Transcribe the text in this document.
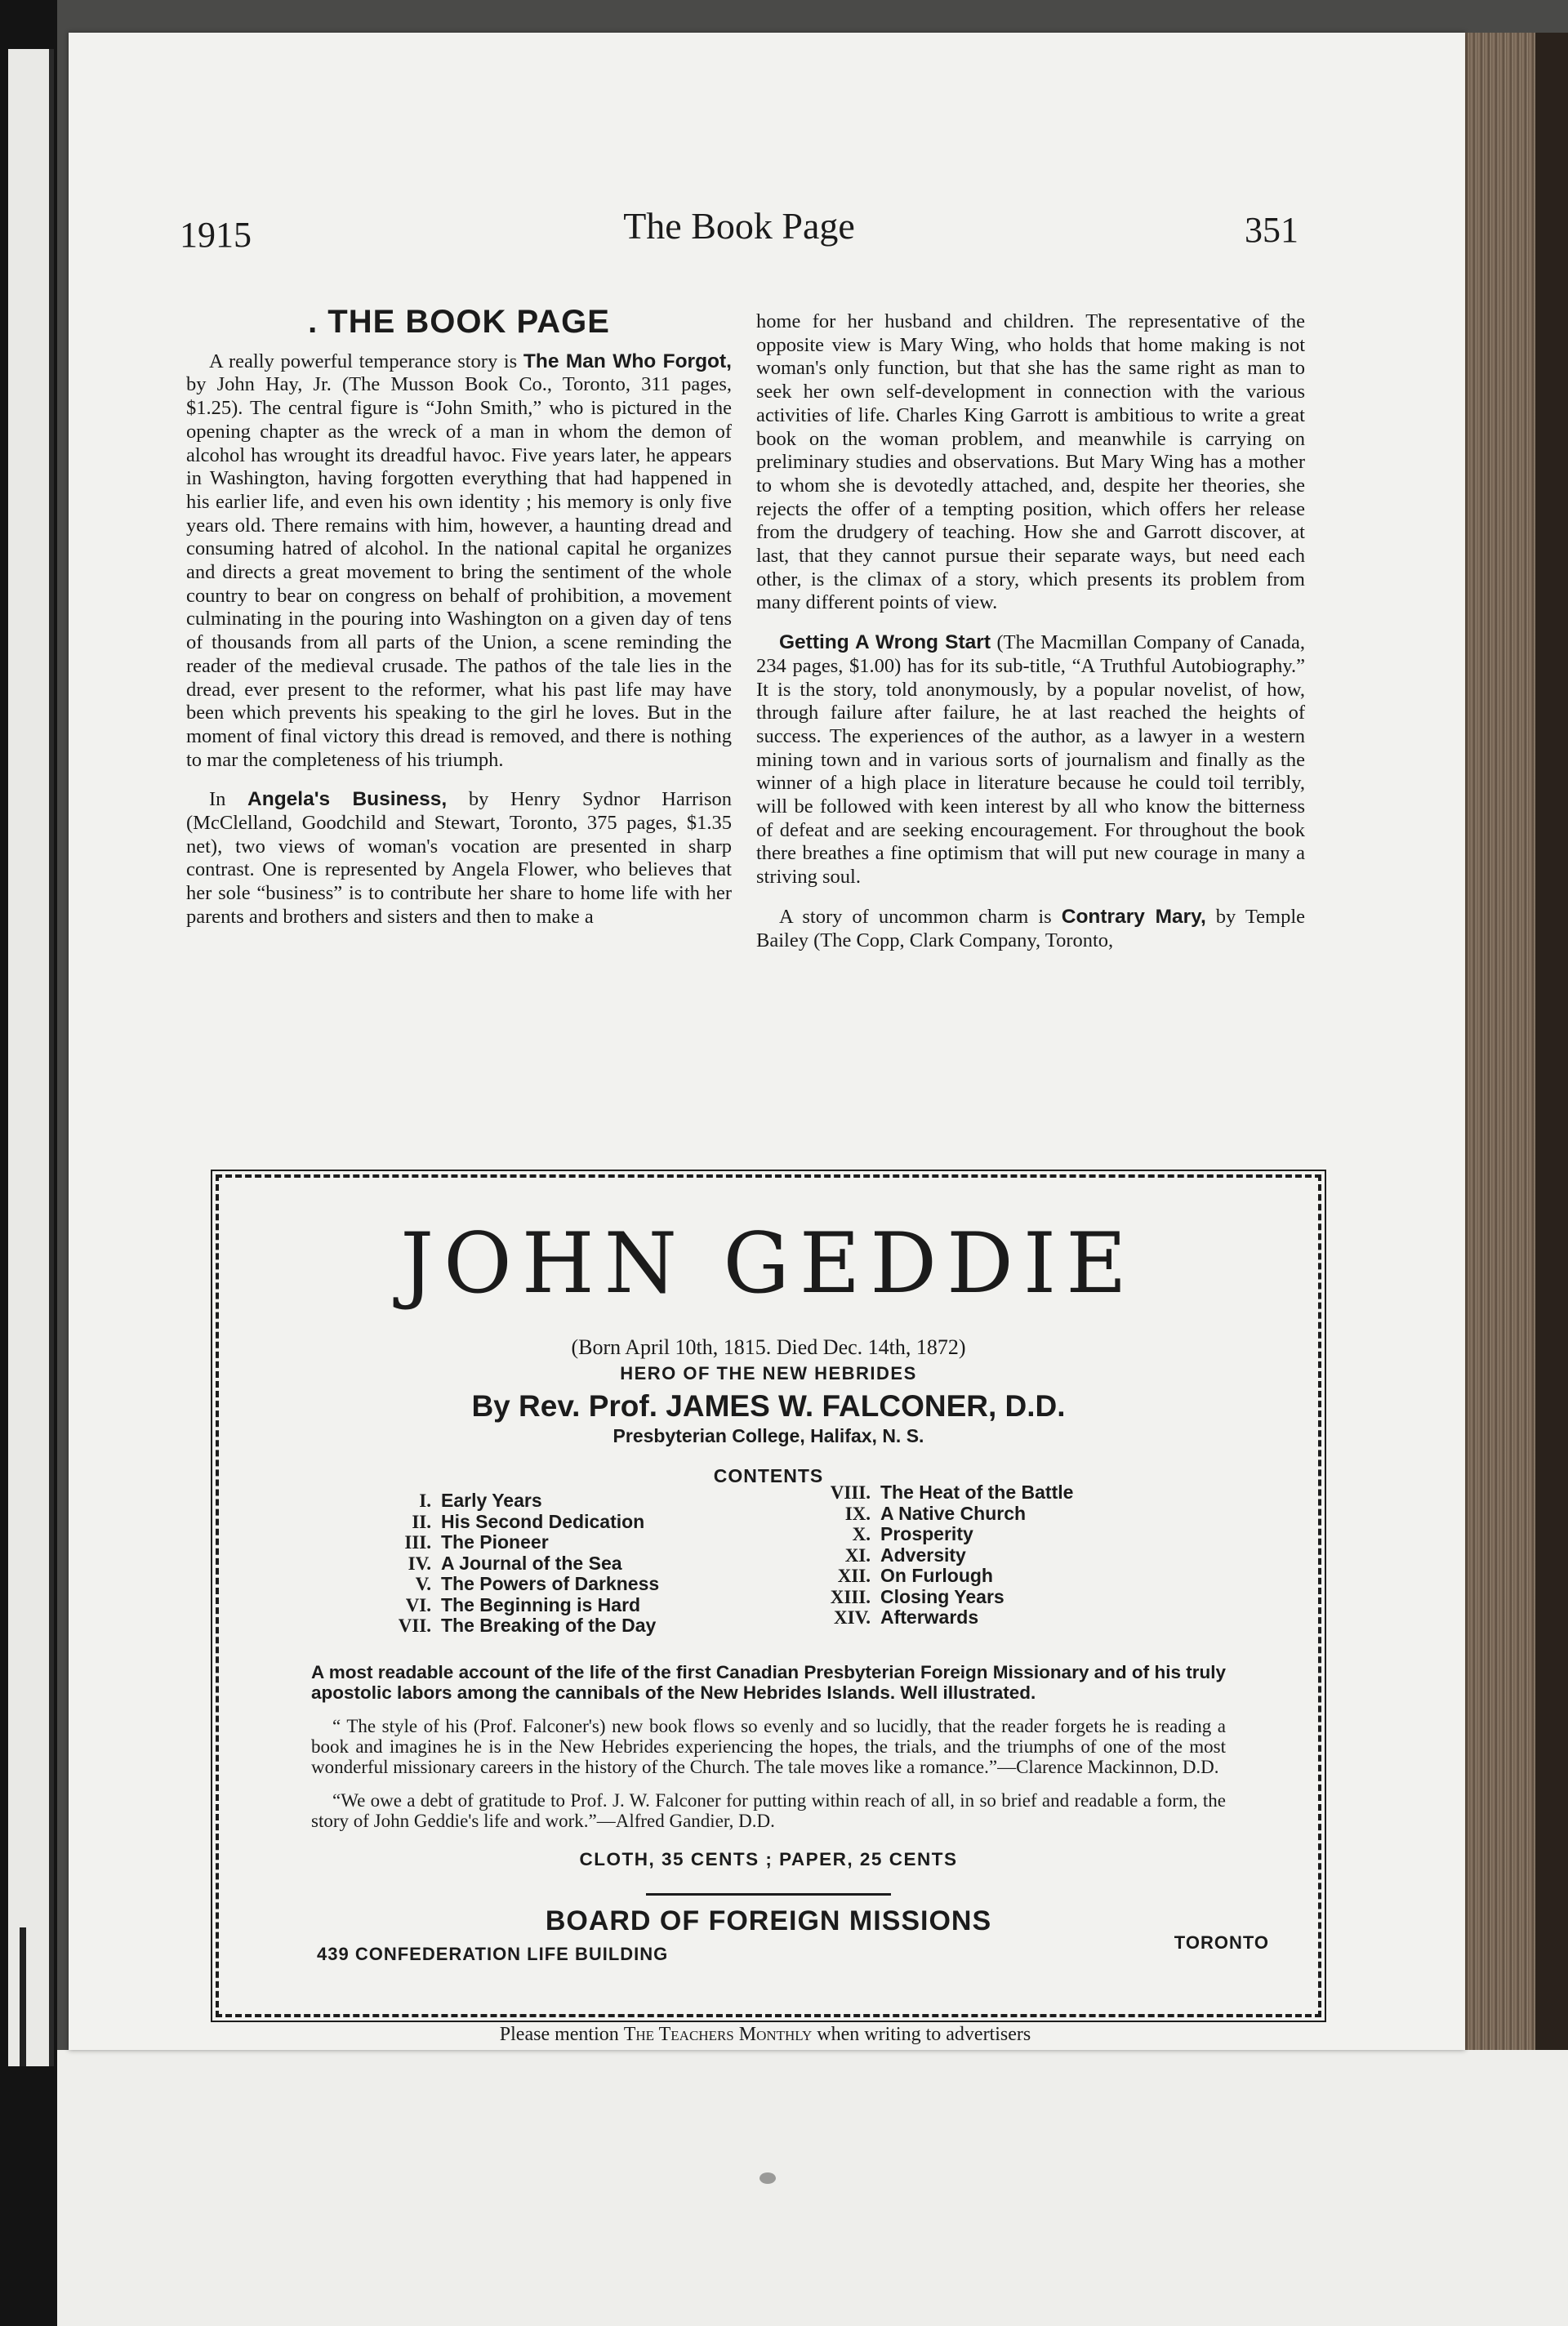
1915	The Book Page	351
. THE BOOK PAGE

A really powerful temperance story is The Man Who Forgot, by John Hay, Jr. (The Musson Book Co., Toronto, 311 pages, $1.25). The central figure is “John Smith,” who is pictured in the opening chapter as the wreck of a man in whom the demon of alcohol has wrought its dreadful havoc. Five years later, he appears in Washington, having forgotten everything that had happened in his earlier life, and even his own identity ; his memory is only five years old. There remains with him, however, a haunting dread and consuming hatred of alcohol. In the national capital he organizes and directs a great movement to bring the sentiment of the whole country to bear on congress on behalf of prohibition, a movement culminating in the pouring into Washington on a given day of tens of thousands from all parts of the Union, a scene reminding the reader of the medieval crusade. The pathos of the tale lies in the dread, ever present to the reformer, what his past life may have been which prevents his speaking to the girl he loves. But in the moment of final victory this dread is removed, and there is nothing to mar the completeness of his triumph.

In Angela's Business, by Henry Sydnor Harrison (McClelland, Goodchild and Stewart, Toronto, 375 pages, $1.35 net), two views of woman's vocation are presented in sharp contrast. One is represented by Angela Flower, who believes that her sole “business” is to contribute her share to home life with her parents and brothers and sisters and then to make a

home for her husband and children. The representative of the opposite view is Mary Wing, who holds that home making is not woman's only function, but that she has the same right as man to seek her own self-development in connection with the various activities of life. Charles King Garrott is ambitious to write a great book on the woman problem, and meanwhile is carrying on preliminary studies and observations. But Mary Wing has a mother to whom she is devotedly attached, and, despite her theories, she rejects the offer of a tempting position, which offers her release from the drudgery of teaching. How she and Garrott discover, at last, that they cannot pursue their separate ways, but need each other, is the climax of a story, which presents its problem from many different points of view.

Getting A Wrong Start (The Macmillan Company of Canada, 234 pages, $1.00) has for its sub-title, “A Truthful Autobiography.” It is the story, told anonymously, by a popular novelist, of how, through failure after failure, he at last reached the heights of success. The experiences of the author, as a lawyer in a western mining town and in various sorts of journalism and finally as the winner of a high place in literature because he could toil terribly, will be followed with keen interest by all who know the bitterness of defeat and are seeking encouragement. For throughout the book there breathes a fine optimism that will put new courage in many a striving soul.

A story of uncommon charm is Contrary Mary, by Temple Bailey (The Copp, Clark Company, Toronto,

JOHN GEDDIE
(Born April 10th, 1815. Died Dec. 14th, 1872)
HERO OF THE NEW HEBRIDES
By Rev. Prof. JAMES W. FALCONER, D.D.
Presbyterian College, Halifax, N. S.
CONTENTS
I. Early Years
II. His Second Dedication
III. The Pioneer
IV. A Journal of the Sea
V. The Powers of Darkness
VI. The Beginning is Hard
VII. The Breaking of the Day
VIII. The Heat of the Battle
IX. A Native Church
X. Prosperity
XI. Adversity
XII. On Furlough
XIII. Closing Years
XIV. Afterwards
A most readable account of the life of the first Canadian Presbyterian Foreign Missionary and of his truly apostolic labors among the cannibals of the New Hebrides Islands. Well illustrated.
“ The style of his (Prof. Falconer's) new book flows so evenly and so lucidly, that the reader forgets he is reading a book and imagines he is in the New Hebrides experiencing the hopes, the trials, and the triumphs of one of the most wonderful missionary careers in the history of the Church. The tale moves like a romance.”—Clarence Mackinnon, D.D.
“We owe a debt of gratitude to Prof. J. W. Falconer for putting within reach of all, in so brief and readable a form, the story of John Geddie's life and work.”—Alfred Gandier, D.D.
CLOTH, 35 CENTS ; PAPER, 25 CENTS
BOARD OF FOREIGN MISSIONS
439 CONFEDERATION LIFE BUILDING
TORONTO
Please mention The Teachers Monthly when writing to advertisers
